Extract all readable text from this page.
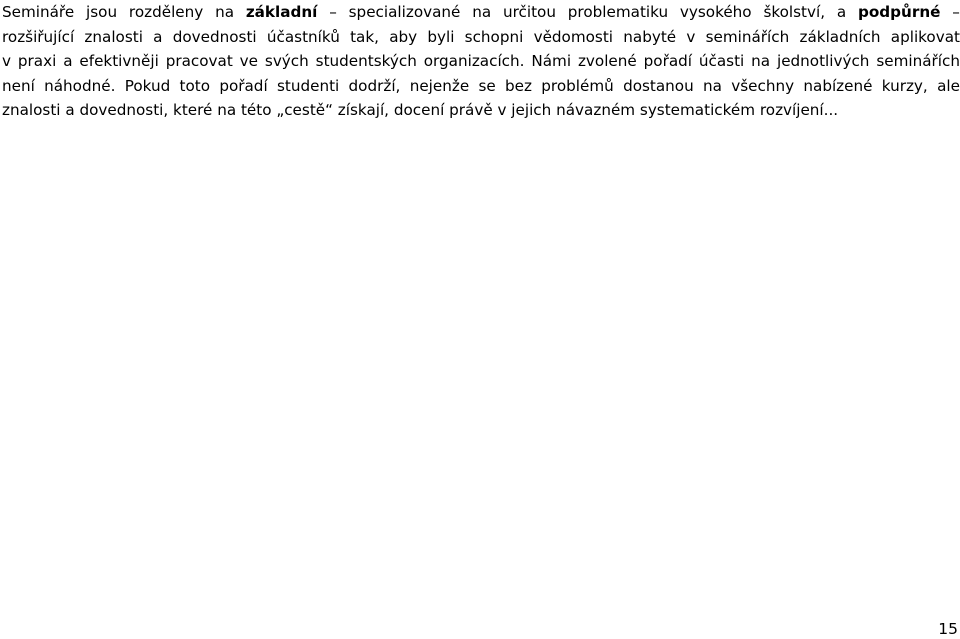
Semináře jsou rozděleny na základní – specializované na určitou problematiku vysokého školství, a podpůrné –
rozšiřující znalosti a dovednosti účastníků tak, aby byli schopni vědomosti nabyté v seminářích základních aplikovat
v praxi a efektivněji pracovat ve svých studentských organizacích. Námi zvolené pořadí účasti na jednotlivých seminářích
není náhodné. Pokud toto pořadí studenti dodrží, nejenže se bez problémů dostanou na všechny nabízené kurzy, ale
znalosti a dovednosti, které na této „cestě“ získají, docení právě v jejich návazném systematickém rozvíjení...
15
